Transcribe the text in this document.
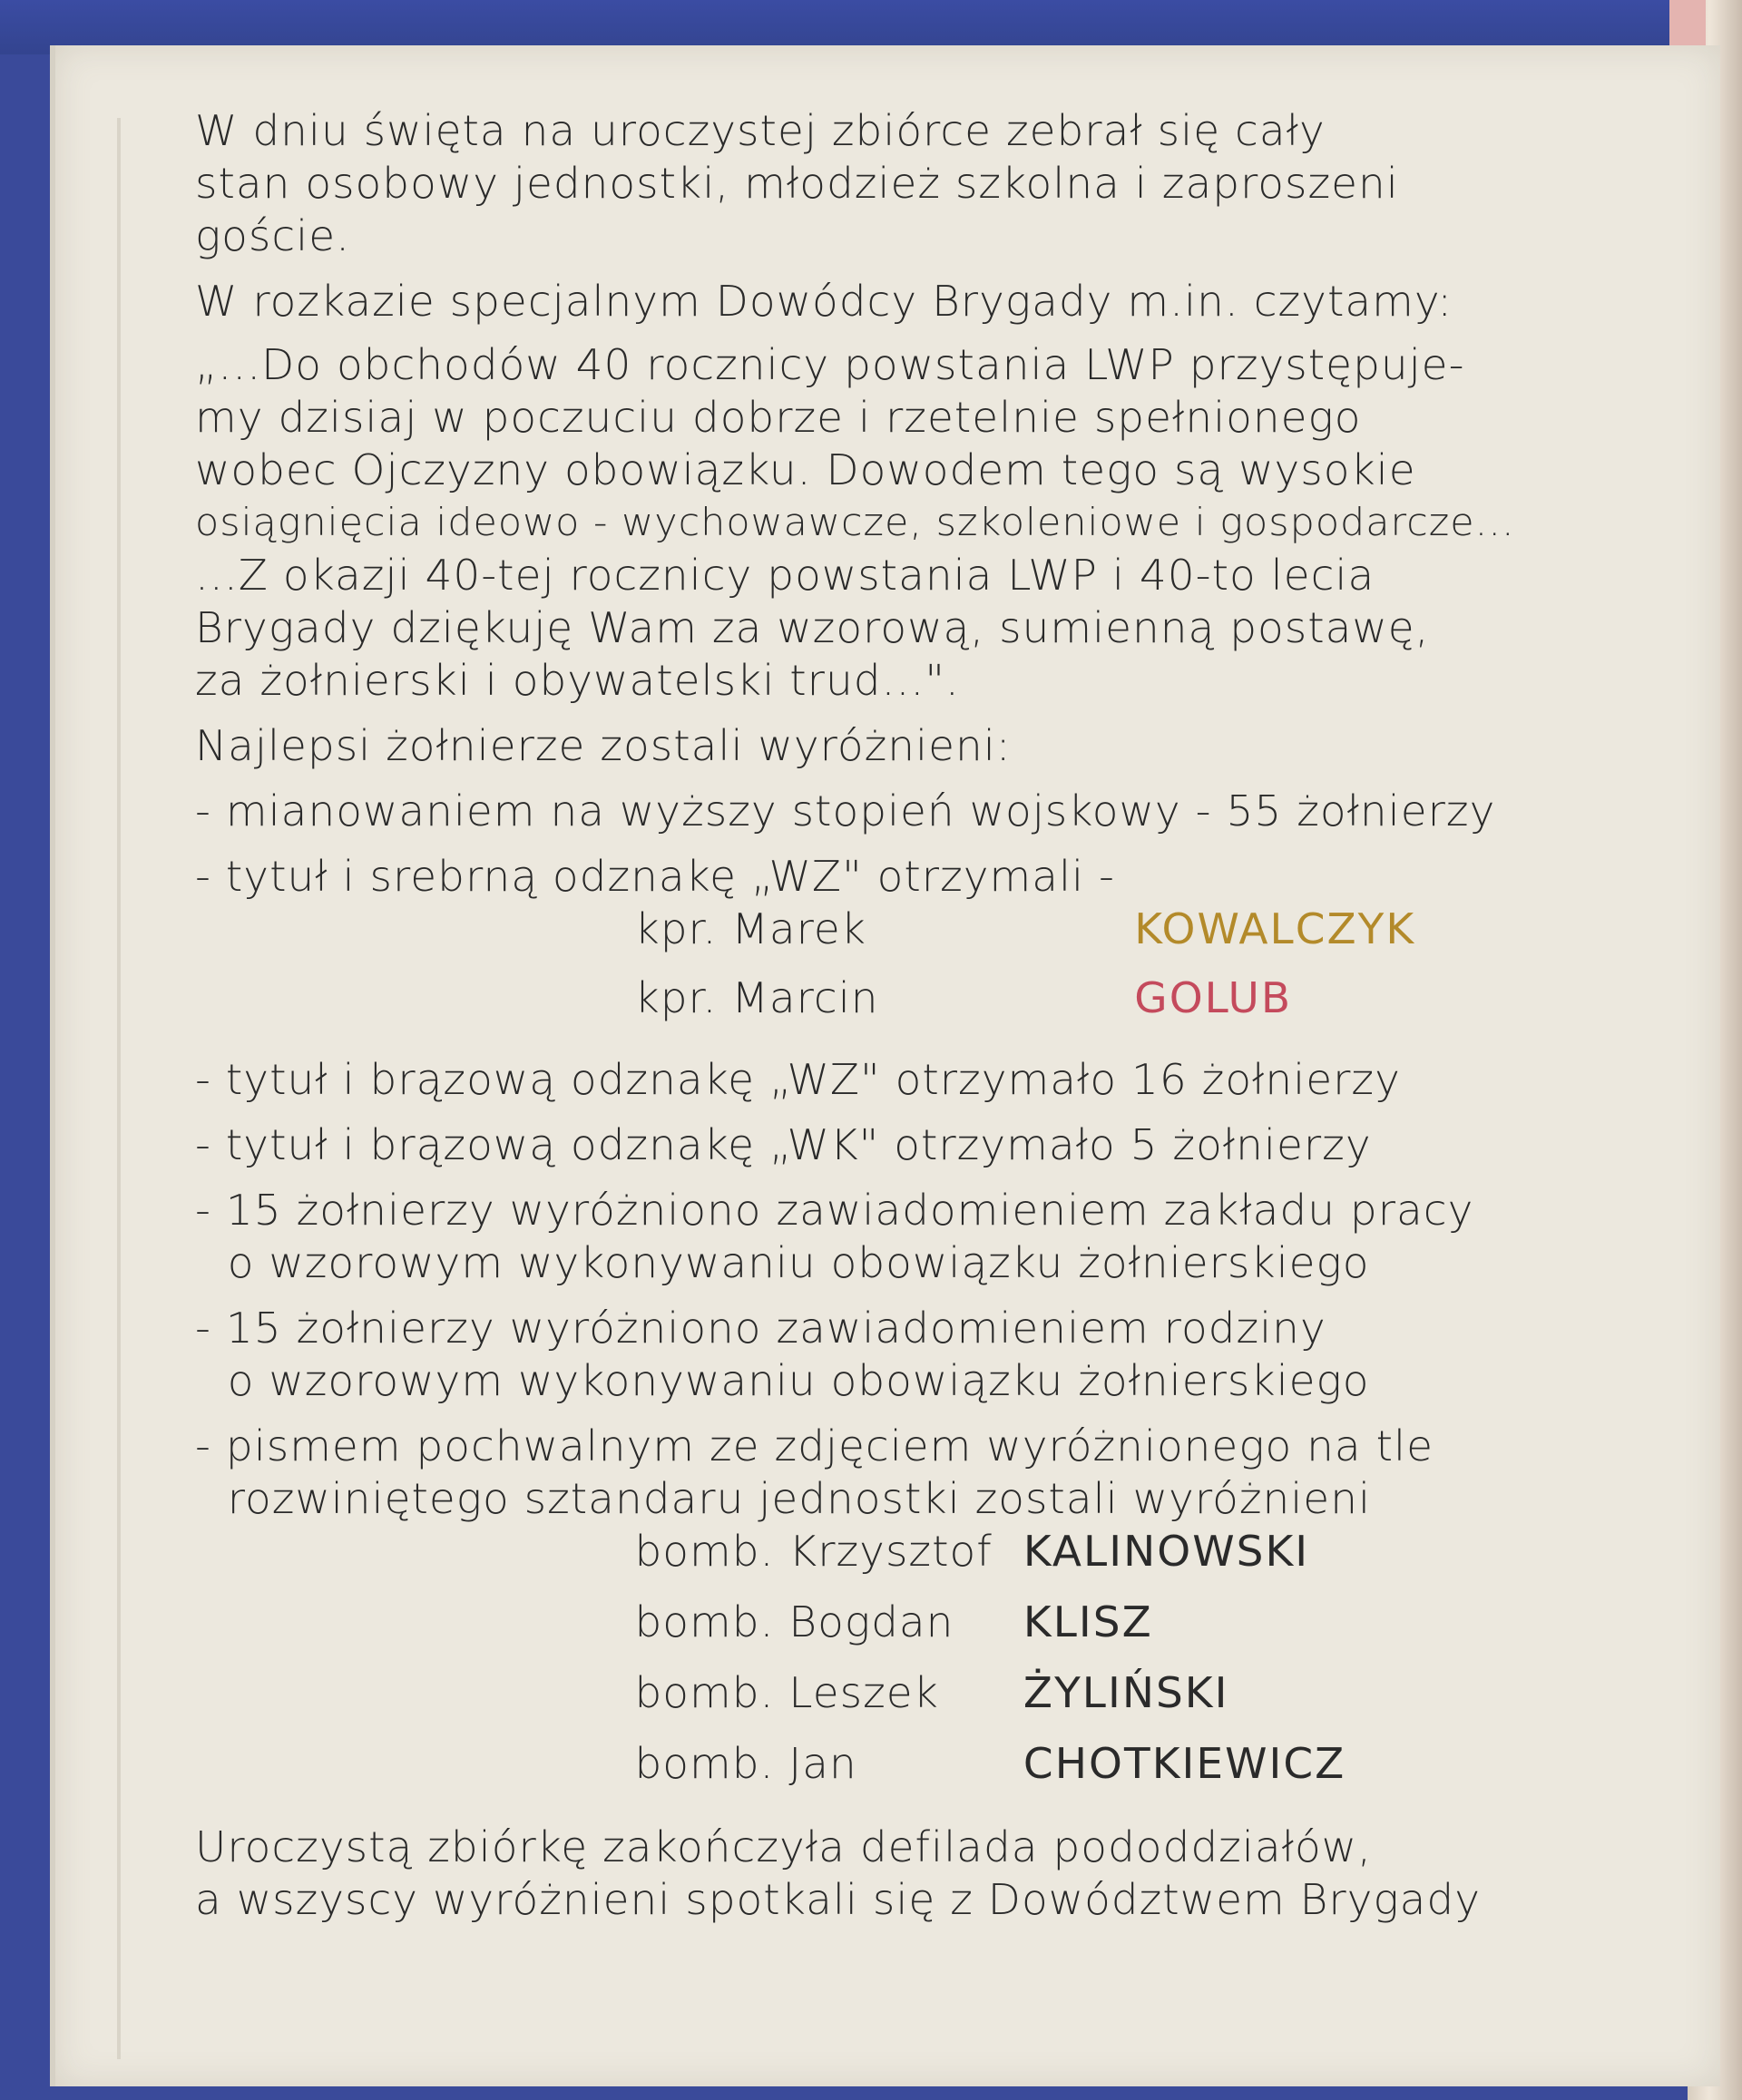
W dniu święta na uroczystej zbiórce zebrał się cały
stan osobowy jednostki, młodzież szkolna i zaproszeni
goście.
W rozkazie specjalnym Dowódcy Brygady m.in. czytamy:
„...Do obchodów 40 rocznicy powstania LWP przystępuje-
my dzisiaj w poczuciu dobrze i rzetelnie spełnionego
wobec Ojczyzny obowiązku. Dowodem tego są wysokie
osiągnięcia ideowo - wychowawcze, szkoleniowe i gospodarcze...
...Z okazji 40-tej rocznicy powstania LWP i 40-to lecia
Brygady dziękuję Wam za wzorową, sumienną postawę,
za żołnierski i obywatelski trud...".
Najlepsi żołnierze zostali wyróżnieni:
- mianowaniem na wyższy stopień wojskowy - 55 żołnierzy
- tytuł i srebrną odznakę „WZ" otrzymali -
kpr. Marek	KOWALCZYK
kpr. Marcin	GOLUB
- tytuł i brązową odznakę „WZ" otrzymało 16 żołnierzy
- tytuł i brązową odznakę „WK" otrzymało 5 żołnierzy
- 15 żołnierzy wyróżniono zawiadomieniem zakładu pracy
o wzorowym wykonywaniu obowiązku żołnierskiego
- 15 żołnierzy wyróżniono zawiadomieniem rodziny
o wzorowym wykonywaniu obowiązku żołnierskiego
- pismem pochwalnym ze zdjęciem wyróżnionego na tle
rozwiniętego sztandaru jednostki zostali wyróżnieni
bomb. Krzysztof KALINOWSKI
bomb. Bogdan	KLISZ
bomb. Leszek	ŻYLIŃSKI
bomb. Jan	CHOTKIEWICZ
Uroczystą zbiórkę zakończyła defilada pododdziałów,
a wszyscy wyróżnieni spotkali się z Dowództwem Brygady
